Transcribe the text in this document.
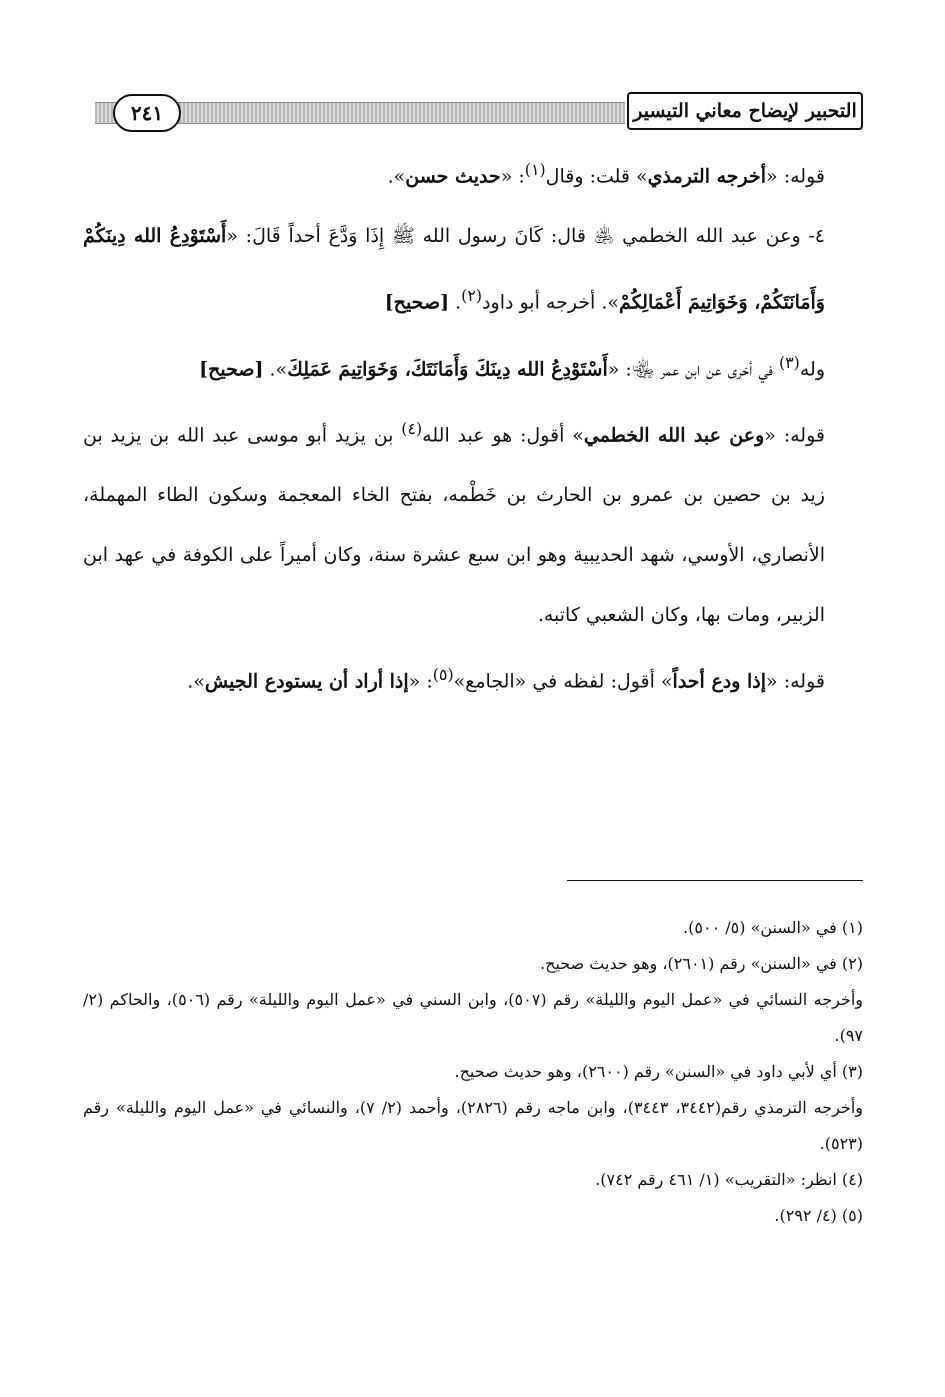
٢٤١	التحبير لإيضاح معاني التيسير

قوله: «أخرجه الترمذي» قلت: وقال$^{(١)}$: «حديث حسن».

٤- وعن عبد الله الخطمي ﵁ قال: كَانَ رسول الله ﷺ إِذَا وَدَّعَ أحداً قَالَ: «أَسْتَوْدِعُ الله دِينَكُمْ وَأَمَانَتَكُمْ، وَخَوَاتِيمَ أَعْمَالِكُمْ». أخرجه أبو داود$^{(٢)}$. [صحيح]

وله$^{(٣)}$ في أخرى عن ابن عمر ﵄: «أَسْتَوْدِعُ الله دِينَكَ وَأَمَانَتَكَ، وَخَوَاتِيمَ عَمَلِكَ». [صحيح]

قوله: «وعن عبد الله الخطمي» أقول: هو عبد الله$^{(٤)}$ بن يزيد أبو موسى عبد الله بن يزيد بن زيد بن حصين بن عمرو بن الحارث بن خَطْمه، بفتح الخاء المعجمة وسكون الطاء المهملة، الأنصاري، الأوسي، شهد الحديبية وهو ابن سبع عشرة سنة، وكان أميراً على الكوفة في عهد ابن الزبير، ومات بها، وكان الشعبي كاتبه.

قوله: «إذا ودع أحداً» أقول: لفظه في «الجامع»$^{(٥)}$: «إذا أراد أن يستودع الجيش».

(١) في «السنن» (٥/ ٥٠٠).

(٢) في «السنن» رقم (٢٦٠١)، وهو حديث صحيح.

وأخرجه النسائي في «عمل اليوم والليلة» رقم (٥٠٧)، وابن السني في «عمل اليوم والليلة» رقم (٥٠٦)، والحاكم (٢/ ٩٧).

(٣) أي لأبي داود في «السنن» رقم (٢٦٠٠)، وهو حديث صحيح.

وأخرجه الترمذي رقم(٣٤٤٢، ٣٤٤٣)، وابن ماجه رقم (٢٨٢٦)، وأحمد (٢/ ٧)، والنسائي في «عمل اليوم والليلة» رقم (٥٢٣).

(٤) انظر: «التقريب» (١/ ٤٦١ رقم ٧٤٢).

(٥) (٤/ ٢٩٢).
